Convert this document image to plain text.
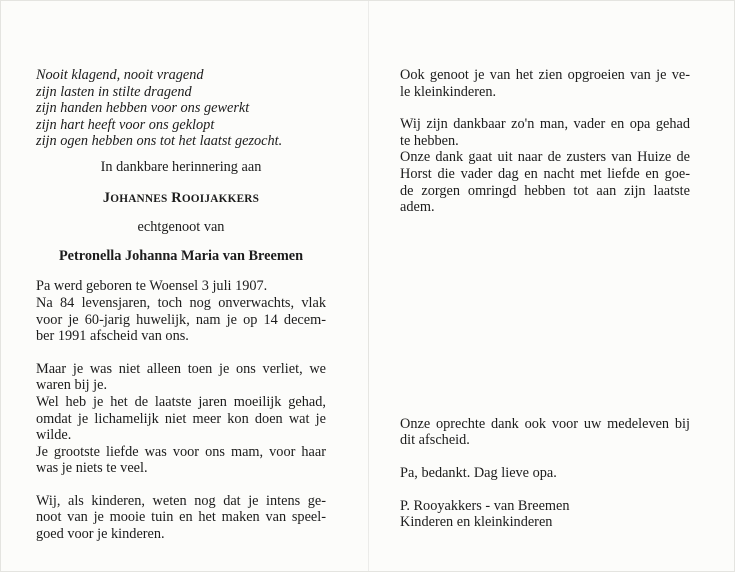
Nooit klagend, nooit vragend

zijn lasten in stilte dragend

zijn handen hebben voor ons gewerkt

zijn hart heeft voor ons geklopt

zijn ogen hebben ons tot het laatst gezocht.

In dankbare herinnering aan

JOHANNES ROOIJAKKERS

echtgenoot van

Petronella Johanna Maria van Breemen

Pa werd geboren te Woensel 3 juli 1907.

Na 84 levensjaren, toch nog onverwachts, vlak

voor je 60-jarig huwelijk, nam je op 14 decem-

ber 1991 afscheid van ons.

Maar je was niet alleen toen je ons verliet, we

waren bij je.

Wel heb je het de laatste jaren moeilijk gehad,

omdat je lichamelijk niet meer kon doen wat je

wilde.

Je grootste liefde was voor ons mam, voor haar

was je niets te veel.

Wij, als kinderen, weten nog dat je intens ge-

noot van je mooie tuin en het maken van speel-

goed voor je kinderen.

Ook genoot je van het zien opgroeien van je ve-

le kleinkinderen.

Wij zijn dankbaar zo'n man, vader en opa gehad

te hebben.

Onze dank gaat uit naar de zusters van Huize de

Horst die vader dag en nacht met liefde en goe-

de zorgen omringd hebben tot aan zijn laatste

adem.

Onze oprechte dank ook voor uw medeleven bij

dit afscheid.

Pa, bedankt. Dag lieve opa.

P. Rooyakkers - van Breemen

Kinderen en kleinkinderen
